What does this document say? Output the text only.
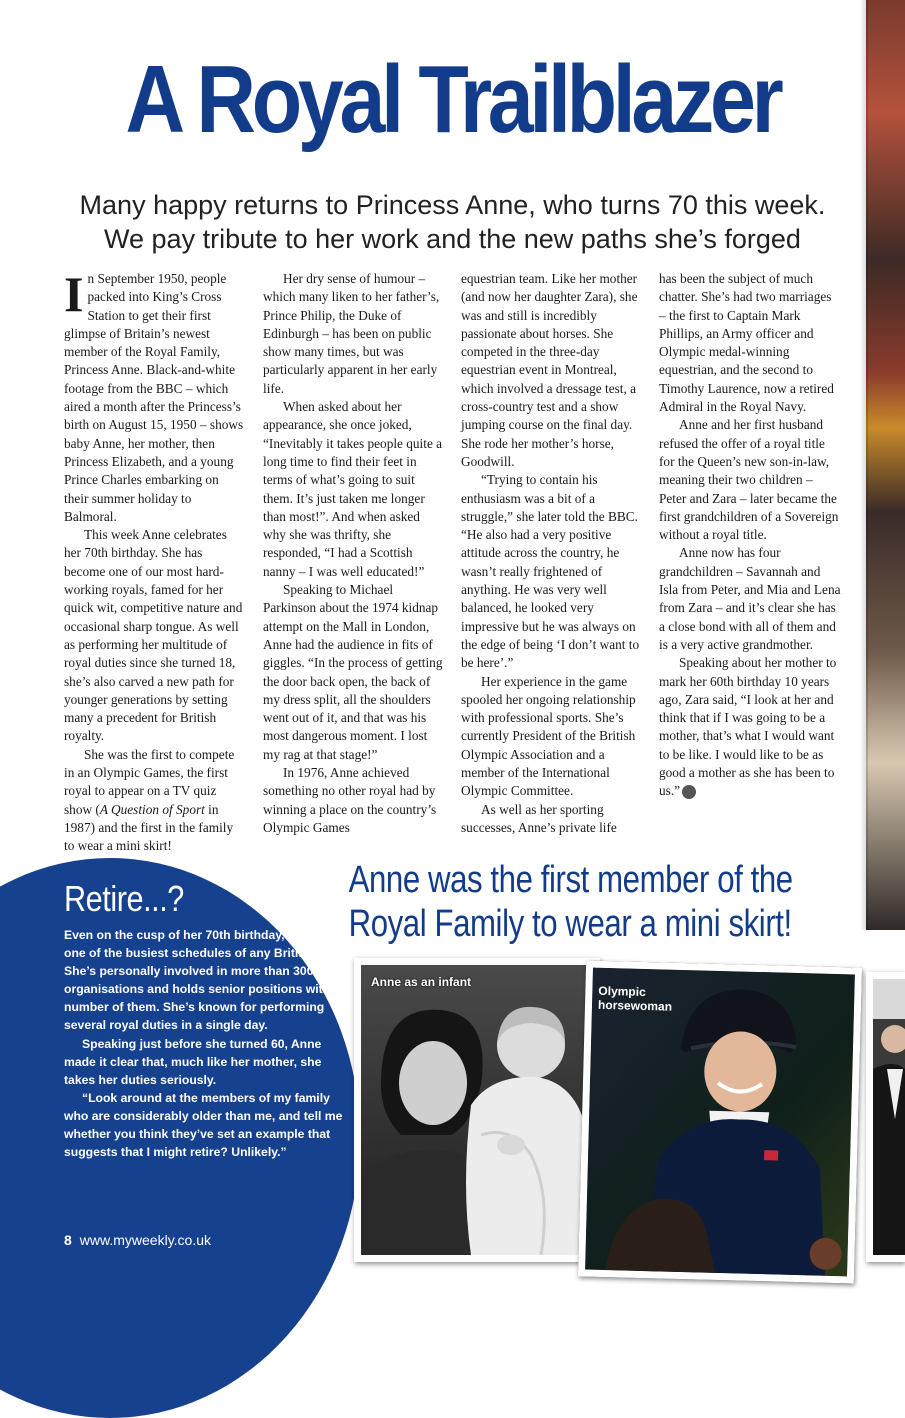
A Royal Trailblazer
Many happy returns to Princess Anne, who turns 70 this week.
We pay tribute to her work and the new paths she’s forged

In September 1950, people packed into King’s Cross Station to get their first glimpse of Britain’s newest member of the Royal Family, Princess Anne. Black-and-white footage from the BBC – which aired a month after the Princess’s birth on August 15, 1950 – shows baby Anne, her mother, then Princess Elizabeth, and a young Prince Charles embarking on their summer holiday to Balmoral.

This week Anne celebrates her 70th birthday. She has become one of our most hard-working royals, famed for her quick wit, competitive nature and occasional sharp tongue. As well as performing her multitude of royal duties since she turned 18, she’s also carved a new path for younger generations by setting many a precedent for British royalty.

She was the first to compete in an Olympic Games, the first royal to appear on a TV quiz show (A Question of Sport in 1987) and the first in the family to wear a mini skirt!

Her dry sense of humour – which many liken to her father’s, Prince Philip, the Duke of Edinburgh – has been on public show many times, but was particularly apparent in her early life.

When asked about her appearance, she once joked, “Inevitably it takes people quite a long time to find their feet in terms of what’s going to suit them. It’s just taken me longer than most!”. And when asked why she was thrifty, she responded, “I had a Scottish nanny – I was well educated!”

Speaking to Michael Parkinson about the 1974 kidnap attempt on the Mall in London, Anne had the audience in fits of giggles. “In the process of getting the door back open, the back of my dress split, all the shoulders went out of it, and that was his most dangerous moment. I lost my rag at that stage!”

In 1976, Anne achieved something no other royal had by winning a place on the country’s Olympic Games

equestrian team. Like her mother (and now her daughter Zara), she was and still is incredibly passionate about horses. She competed in the three-day equestrian event in Montreal, which involved a dressage test, a cross-country test and a show jumping course on the final day. She rode her mother’s horse, Goodwill.

“Trying to contain his enthusiasm was a bit of a struggle,” she later told the BBC. “He also had a very positive attitude across the country, he wasn’t really frightened of anything. He was very well balanced, he looked very impressive but he was always on the edge of being ‘I don’t want to be here’.”

Her experience in the game spooled her ongoing relationship with professional sports. She’s currently President of the British Olympic Association and a member of the International Olympic Committee.

As well as her sporting successes, Anne’s private life

has been the subject of much chatter. She’s had two marriages – the first to Captain Mark Phillips, an Army officer and Olympic medal-winning equestrian, and the second to Timothy Laurence, now a retired Admiral in the Royal Navy.

Anne and her first husband refused the offer of a royal title for the Queen’s new son-in-law, meaning their two children – Peter and Zara – later became the first grandchildren of a Sovereign without a royal title.

Anne now has four grandchildren – Savannah and Isla from Peter, and Mia and Lena from Zara – and it’s clear she has a close bond with all of them and is a very active grandmother.

Speaking about her mother to mark her 60th birthday 10 years ago, Zara said, “I look at her and think that if I was going to be a mother, that’s what I would want to be like. I would like to be as good a mother as she has been to us.”	MW

Anne was the first member of the
Royal Family to wear a mini skirt!
Retire...?

Even on the cusp of her 70th birthday, Anne has one of the busiest schedules of any British royal. She’s personally involved in more than 300 organisations and holds senior positions with a number of them. She’s known for performing several royal duties in a single day.

Speaking just before she turned 60, Anne made it clear that, much like her mother, she takes her duties seriously.

“Look around at the members of my family who are considerably older than me, and tell me whether you think they’ve set an example that suggests that I might retire? Unlikely.”

8 www.myweekly.co.uk
Anne as an infant
Olympic horsewoman
